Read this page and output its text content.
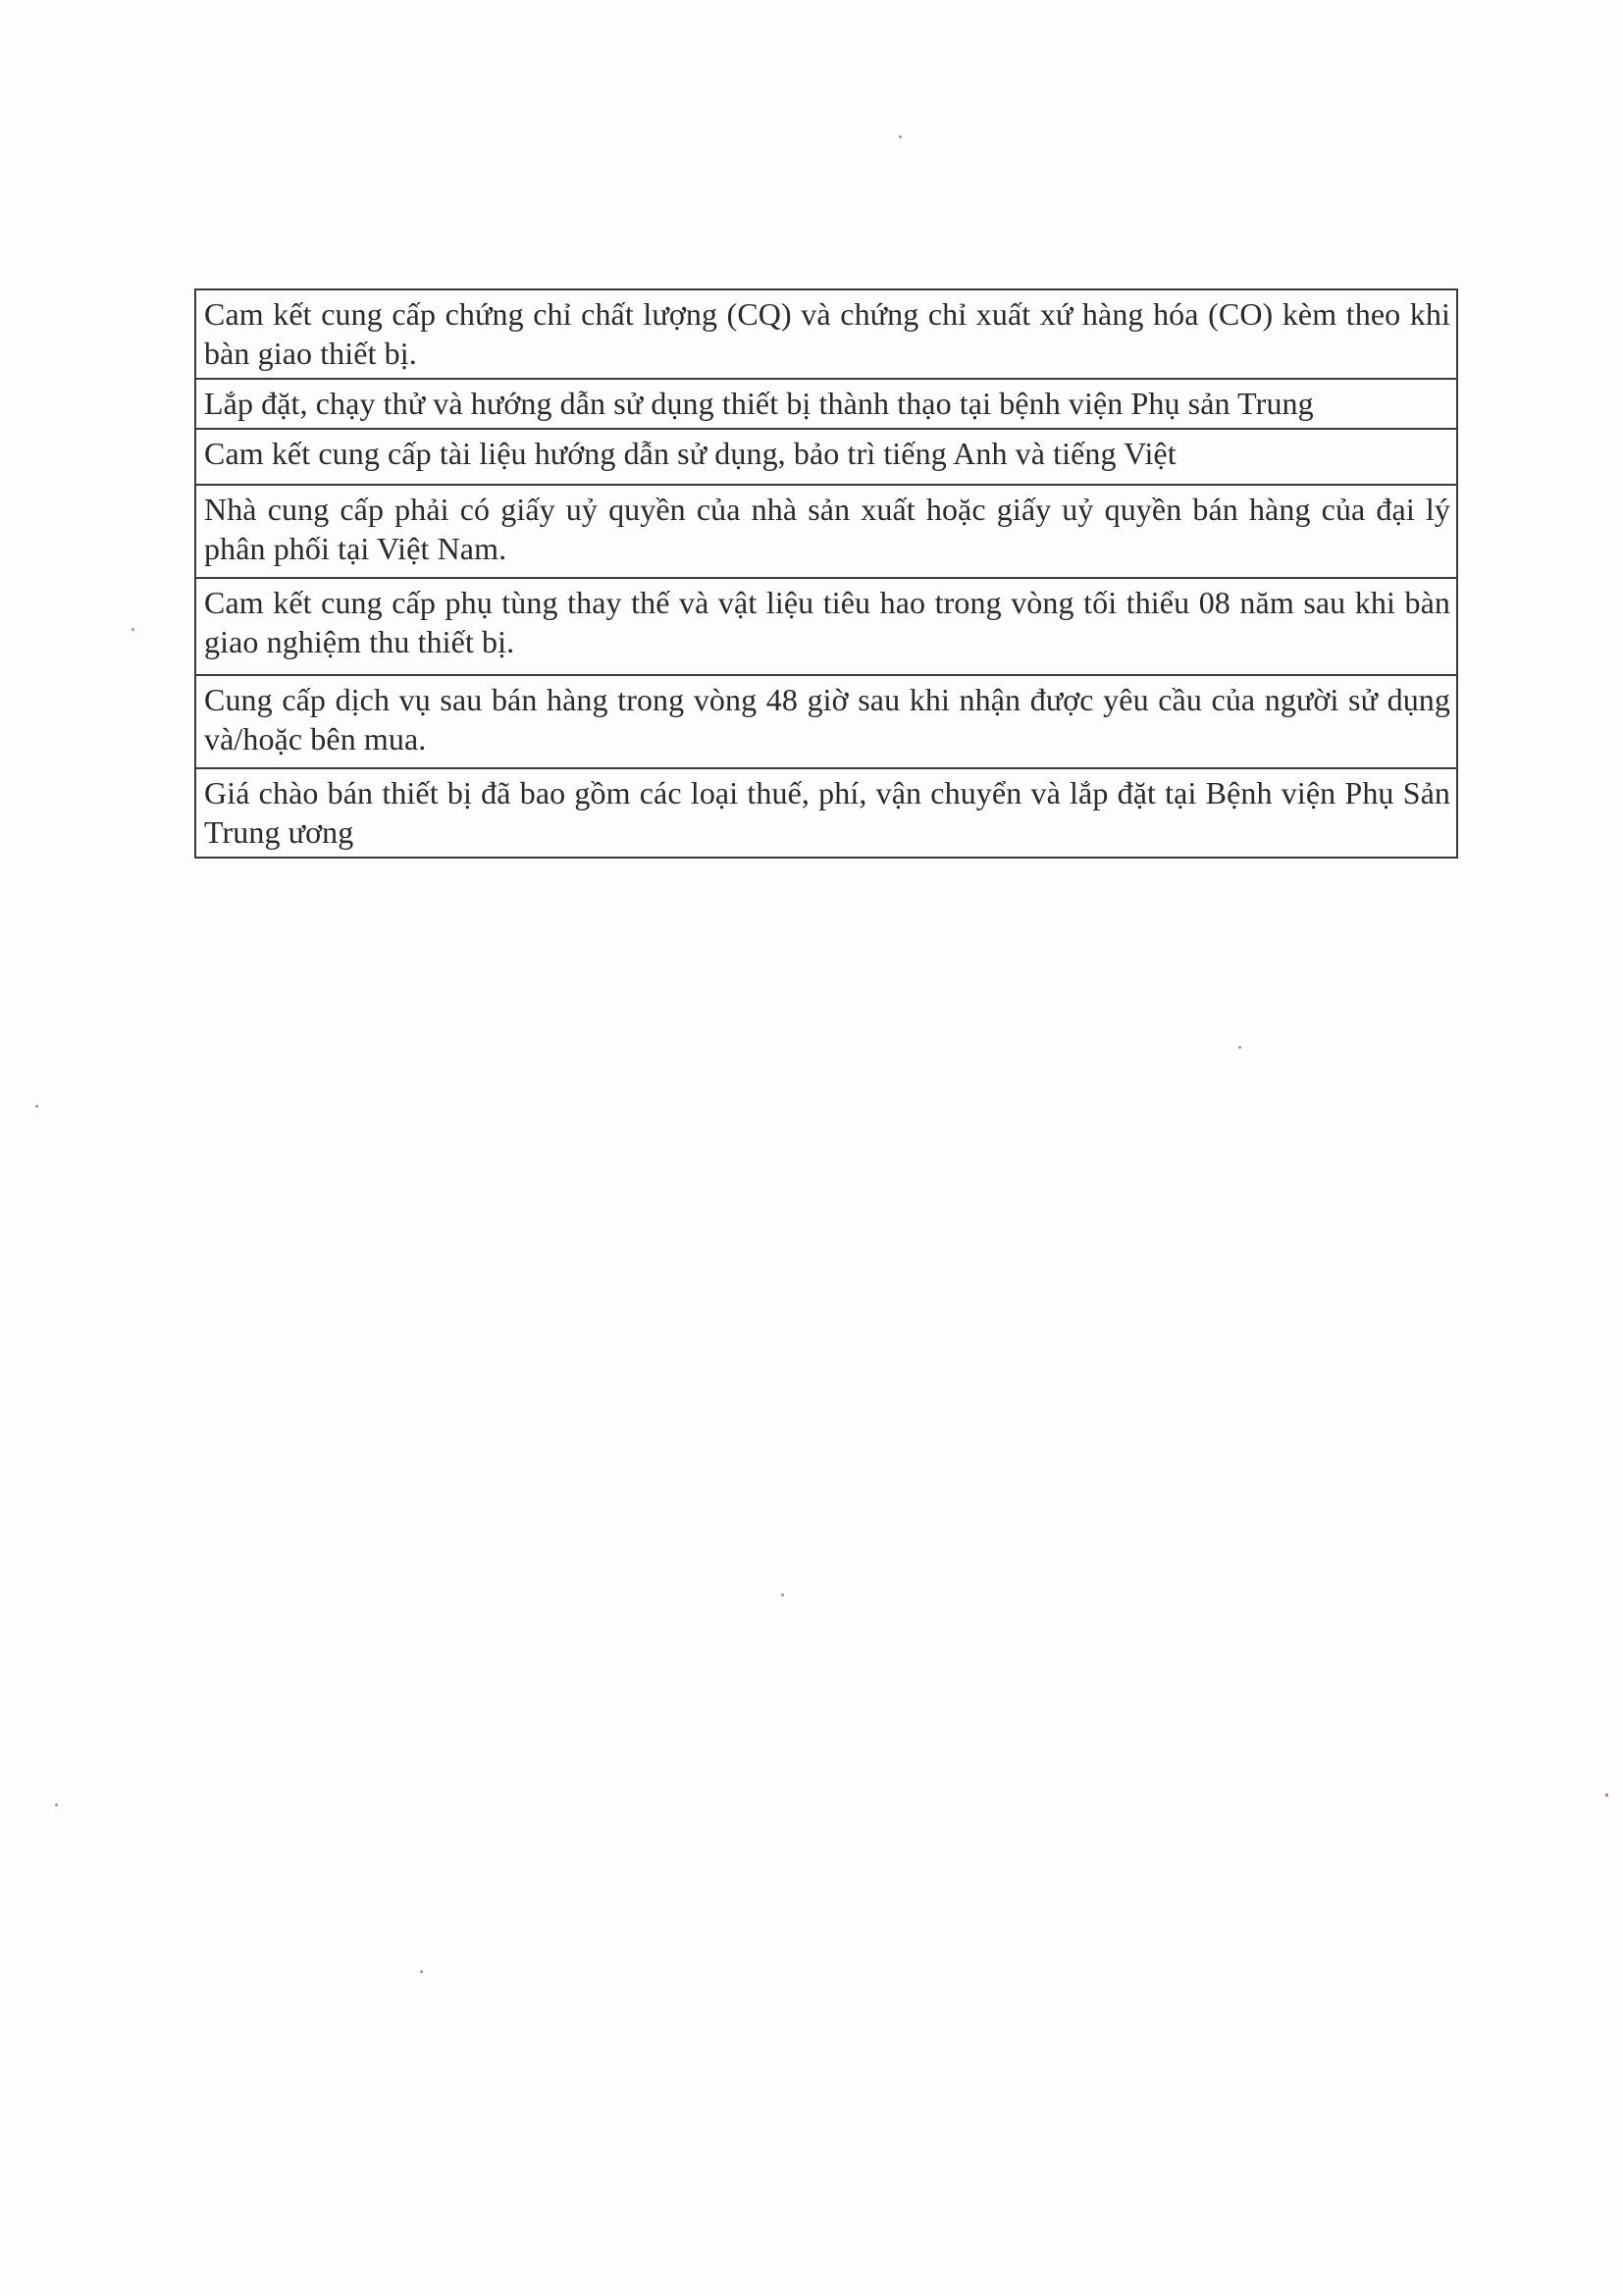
Cam kết cung cấp chứng chỉ chất lượng (CQ) và chứng chỉ xuất xứ hàng hóa (CO) kèm theo khi bàn giao thiết bị.
Lắp đặt, chạy thử và hướng dẫn sử dụng thiết bị thành thạo tại bệnh viện Phụ sản Trung
Cam kết cung cấp tài liệu hướng dẫn sử dụng, bảo trì tiếng Anh và tiếng Việt
Nhà cung cấp phải có giấy uỷ quyền của nhà sản xuất hoặc giấy uỷ quyền bán hàng của đại lý phân phối tại Việt Nam.
Cam kết cung cấp phụ tùng thay thế và vật liệu tiêu hao trong vòng tối thiểu 08 năm sau khi bàn giao nghiệm thu thiết bị.
Cung cấp dịch vụ sau bán hàng trong vòng 48 giờ sau khi nhận được yêu cầu của người sử dụng và/hoặc bên mua.
Giá chào bán thiết bị đã bao gồm các loại thuế, phí, vận chuyển và lắp đặt tại Bệnh viện Phụ Sản Trung ương
